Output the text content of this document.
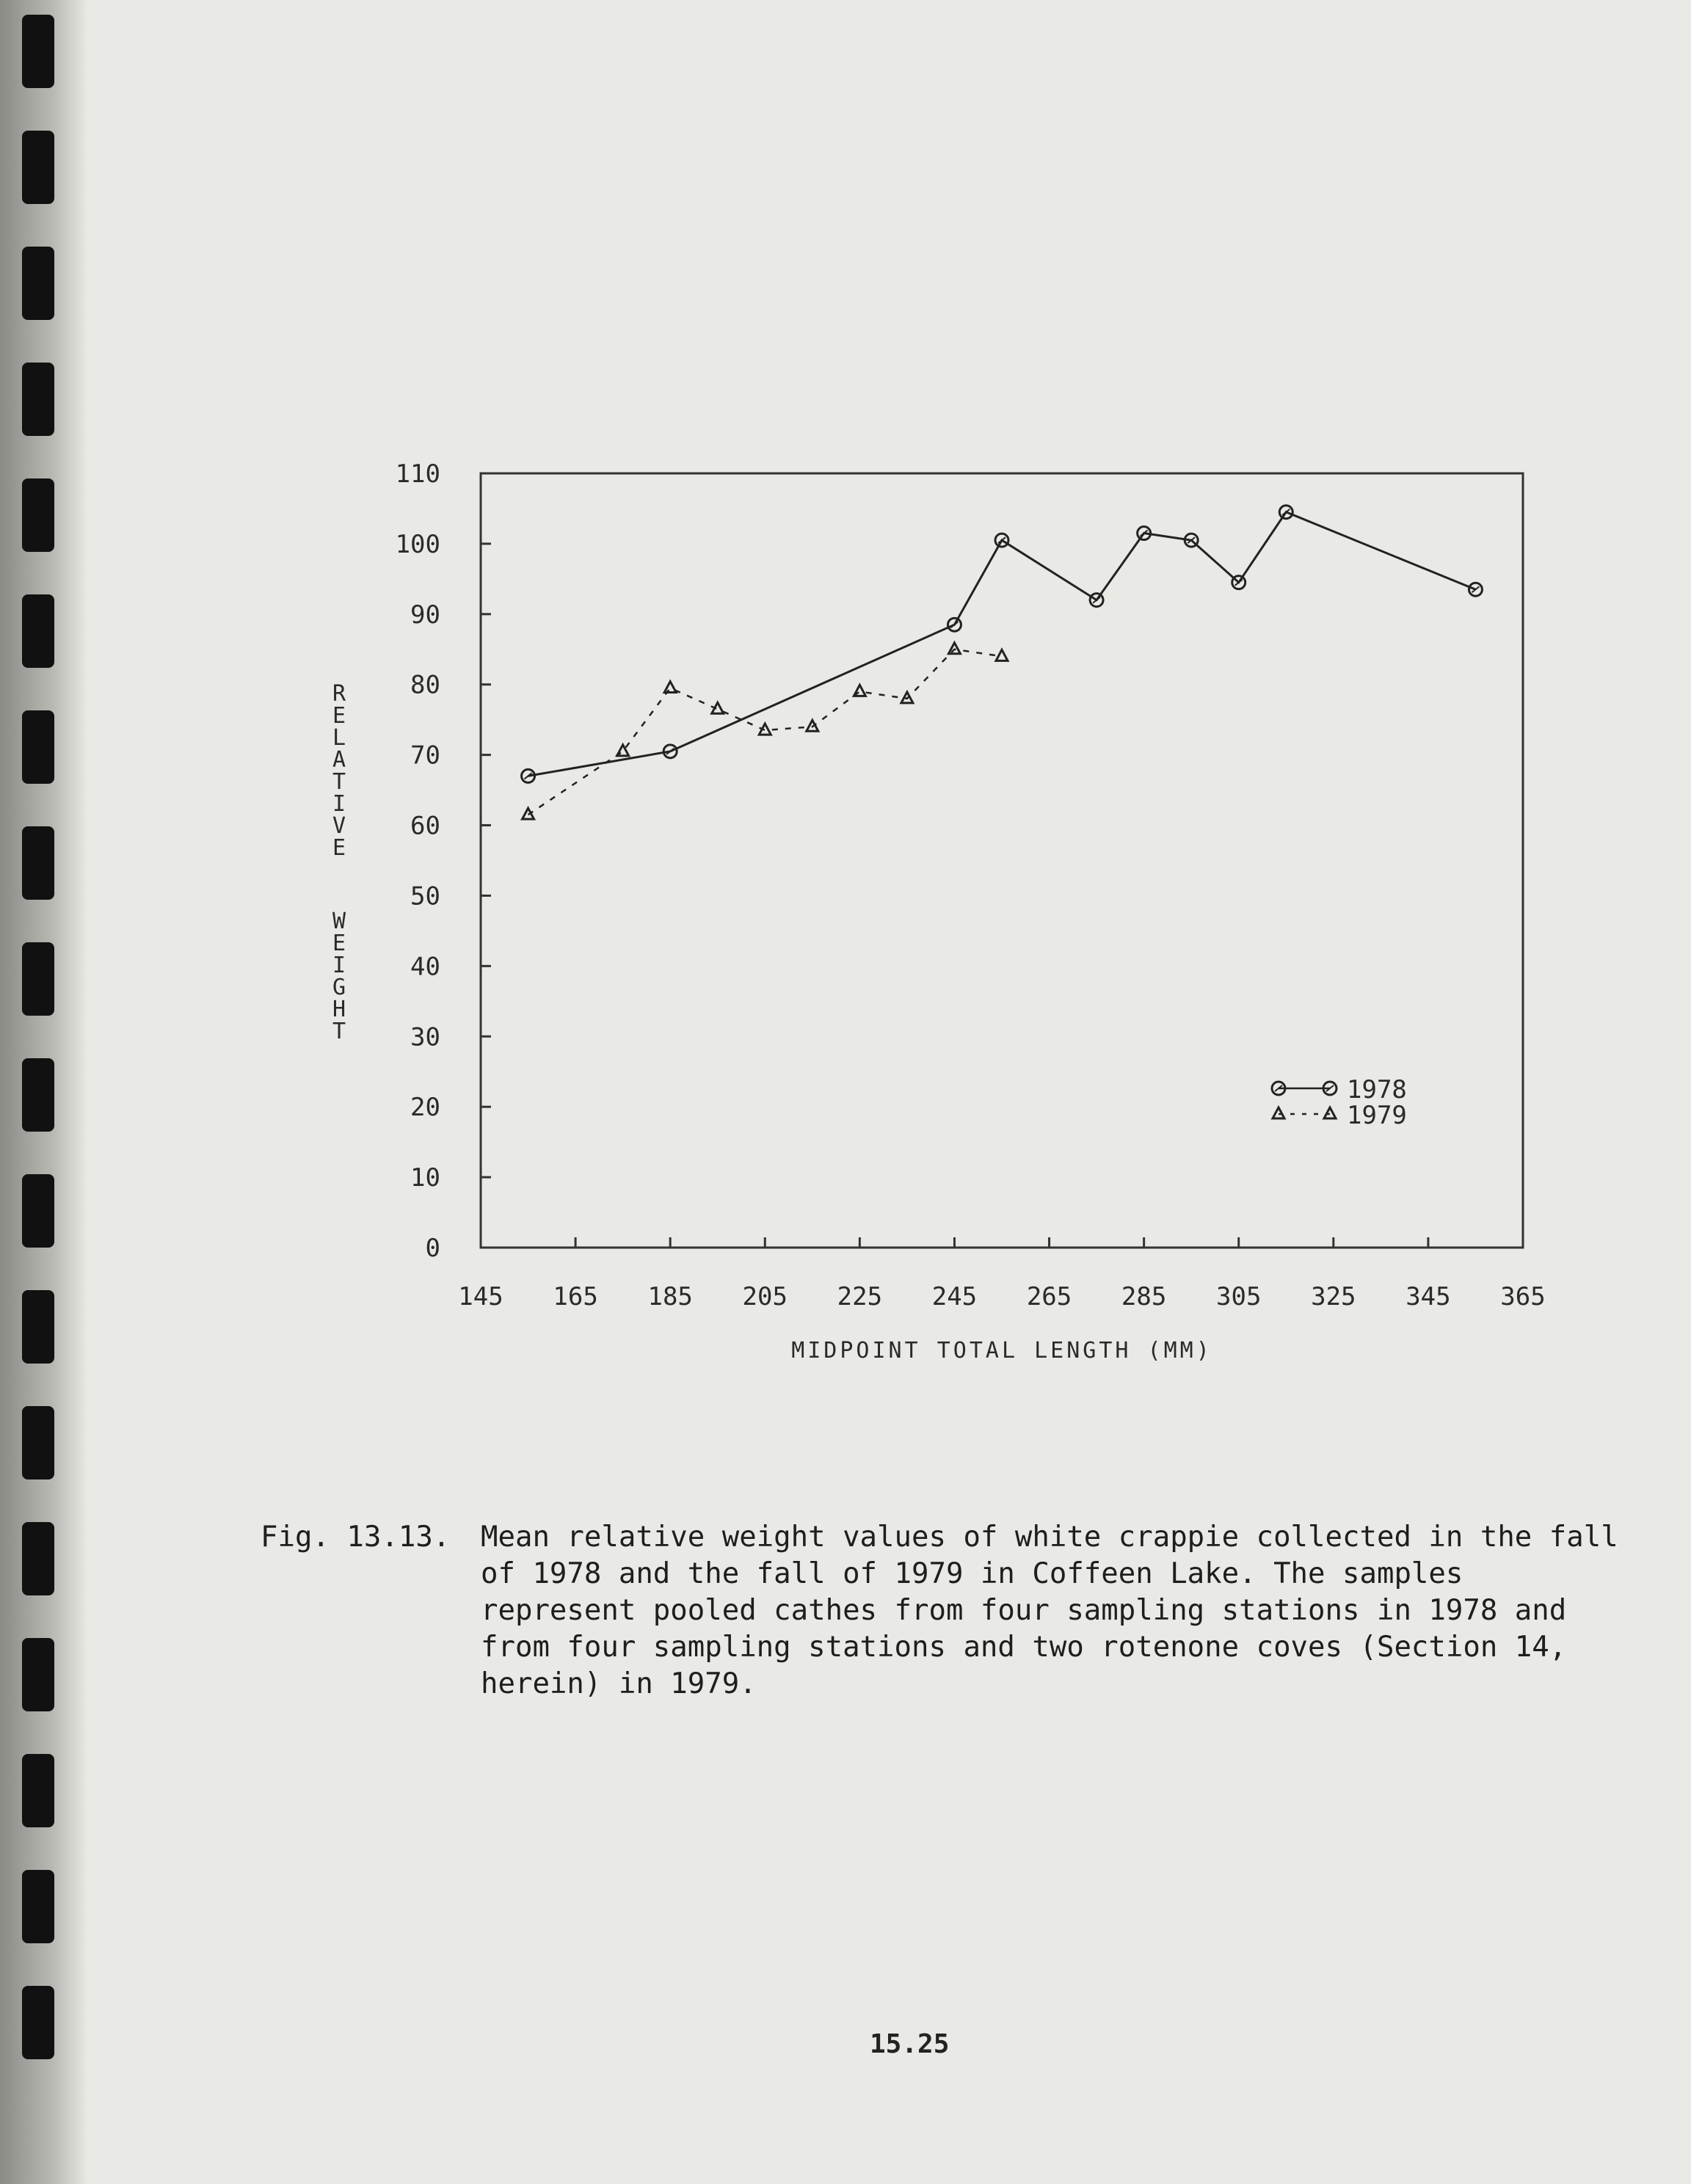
0
10
20
30
40
50
60
70
80
90
100
110
145 165 185 205 225 245 265 285 305 325 345 365
MIDPOINT TOTAL LENGTH (MM)
R E L A T I V E W E I G H T
1978
1979
Fig. 13.13. Mean relative weight values of white crappie collected in the fall
of 1978 and the fall of 1979 in Coffeen Lake. The samples
represent pooled cathes from four sampling stations in 1978 and
from four sampling stations and two rotenone coves (Section 14,
herein) in 1979.
15.25
